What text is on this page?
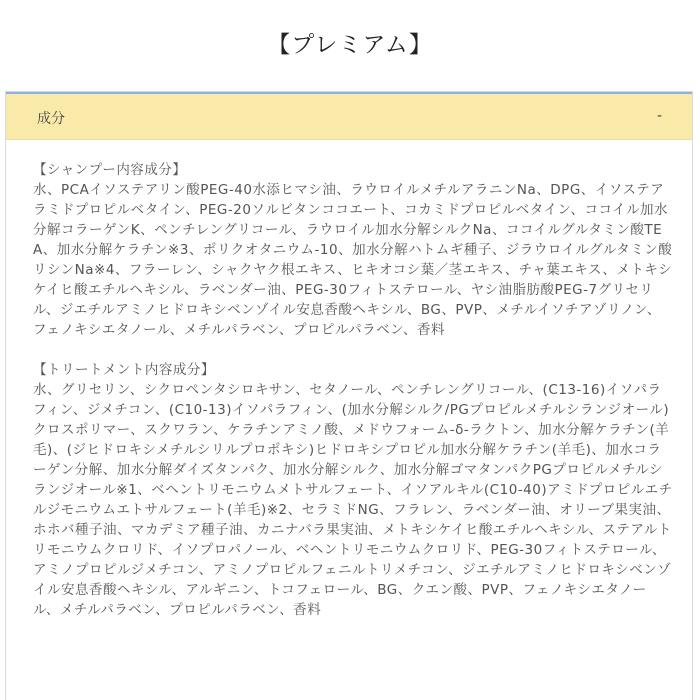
【プレミアム】
成分	-
【シャンプー内容成分】
水、PCAイソステアリン酸PEG-40水添ヒマシ油、ラウロイルメチルアラニンNa、DPG、イソステアラミドプロピルベタイン、PEG-20ソルビタンココエート、コカミドプロピルベタイン、ココイル加水分解コラーゲンK、ペンチレングリコール、ラウロイル加水分解シルクNa、ココイルグルタミン酸TEA、加水分解ケラチン※3、ポリクオタニウム-10、加水分解ハトムギ種子、ジラウロイルグルタミン酸リシンNa※4、フラーレン、シャクヤク根エキス、ヒキオコシ葉／茎エキス、チャ葉エキス、メトキシケイヒ酸エチルヘキシル、ラベンダー油、PEG-30フィトステロール、ヤシ油脂肪酸PEG-7グリセリル、ジエチルアミノヒドロキシベンゾイル安息香酸ヘキシル、BG、PVP、メチルイソチアゾリノン、フェノキシエタノール、メチルパラベン、プロピルパラベン、香料
【トリートメント内容成分】
水、グリセリン、シクロペンタシロキサン、セタノール、ペンチレングリコール、(C13-16)イソパラフィン、ジメチコン、(C10-13)イソパラフィン、(加水分解シルク/PGプロピルメチルシランジオール)クロスポリマー、スクワラン、ケラチンアミノ酸、メドウフォーム-δ-ラクトン、加水分解ケラチン(羊毛)、(ジヒドロキシメチルシリルプロポキシ)ヒドロキシプロピル加水分解ケラチン(羊毛)、加水コラーゲン分解、加水分解ダイズタンパク、加水分解シルク、加水分解ゴマタンパクPGプロピルメチルシランジオール※1、ベヘントリモニウムメトサルフェート、イソアルキル(C10-40)アミドプロピルエチルジモニウムエトサルフェート(羊毛)※2、セラミドNG、フラレン、ラベンダー油、オリーブ果実油、ホホバ種子油、マカデミア種子油、カニナバラ果実油、メトキシケイヒ酸エチルヘキシル、ステアルトリモニウムクロリド、イソプロパノール、ベヘントリモニウムクロリド、PEG-30フィトステロール、アミノプロピルジメチコン、アミノプロピルフェニルトリメチコン、ジエチルアミノヒドロキシベンゾイル安息香酸ヘキシル、アルギニン、トコフェロール、BG、クエン酸、PVP、フェノキシエタノール、メチルパラベン、プロピルパラベン、香料
